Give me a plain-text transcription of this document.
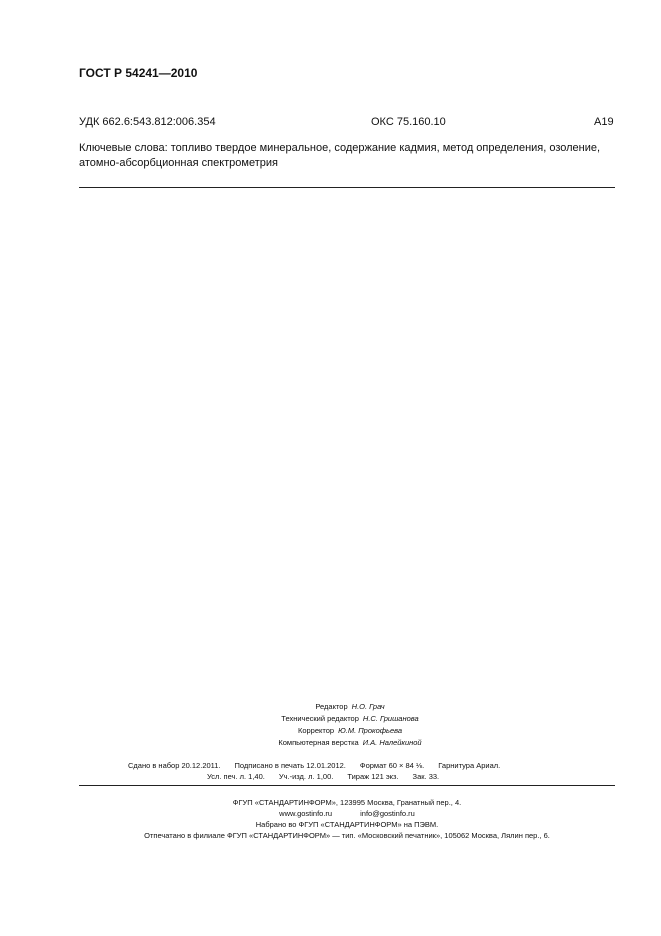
ГОСТ Р 54241—2010
УДК 662.6:543.812:006.354	ОКС 75.160.10	А19
Ключевые слова: топливо твердое минеральное, содержание кадмия, метод определения, озоление, атомно-абсорбционная спектрометрия
Редактор Н.О. Грач
Технический редактор Н.С. Гришанова
Корректор Ю.М. Прокофьева
Компьютерная верстка И.А. Налейкиной
Сдано в набор 20.12.2011. Подписано в печать 12.01.2012. Формат 60 × 84 ⅛. Гарнитура Ариал.
Усл. печ. л. 1,40. Уч.-изд. л. 1,00. Тираж 121 экз. Зак. 33.
ФГУП «СТАНДАРТИНФОРМ», 123995 Москва, Гранатный пер., 4.
www.gostinfo.ru	info@gostinfo.ru
Набрано во ФГУП «СТАНДАРТИНФОРМ» на ПЭВМ.
Отпечатано в филиале ФГУП «СТАНДАРТИНФОРМ» — тип. «Московский печатник», 105062 Москва, Лялин пер., 6.
